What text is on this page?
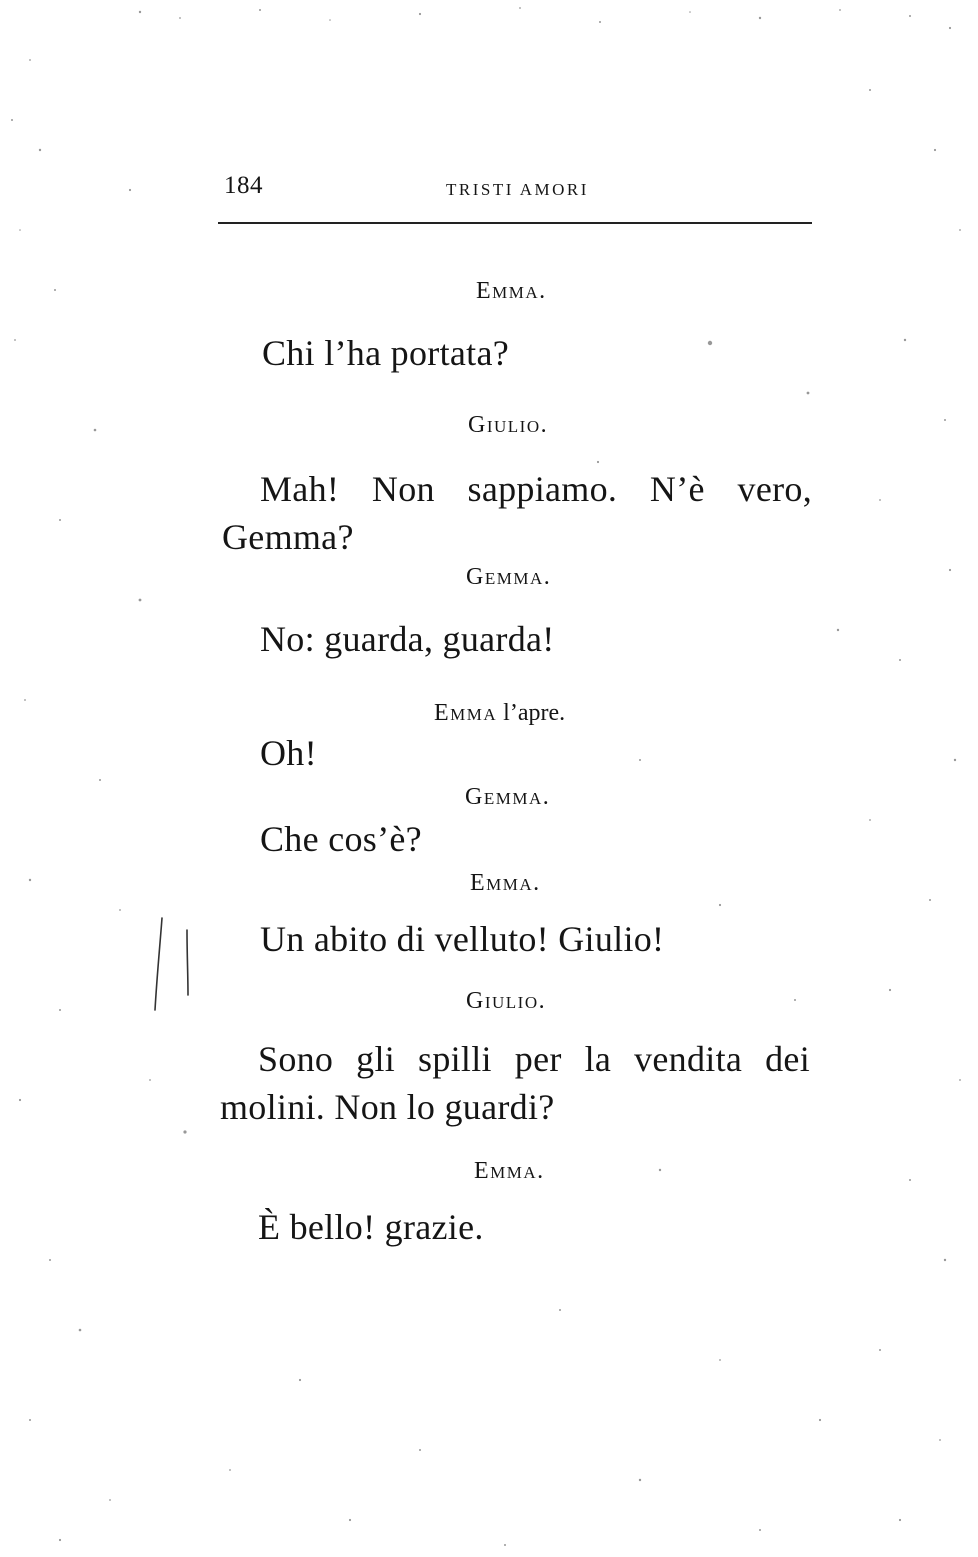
184	TRISTI AMORI
Emma.
Chi l’ha portata?
Giulio.
Mah! Non sappiamo. N’è vero,
Gemma?
Gemma.
No: guarda, guarda!
Emma l’apre.
Oh!
Gemma.
Che cos’è?
Emma.
Un abito di velluto! Giulio!
Giulio.
Sono gli spilli per la vendita dei
molini. Non lo guardi?
Emma.
È bello! grazie.
